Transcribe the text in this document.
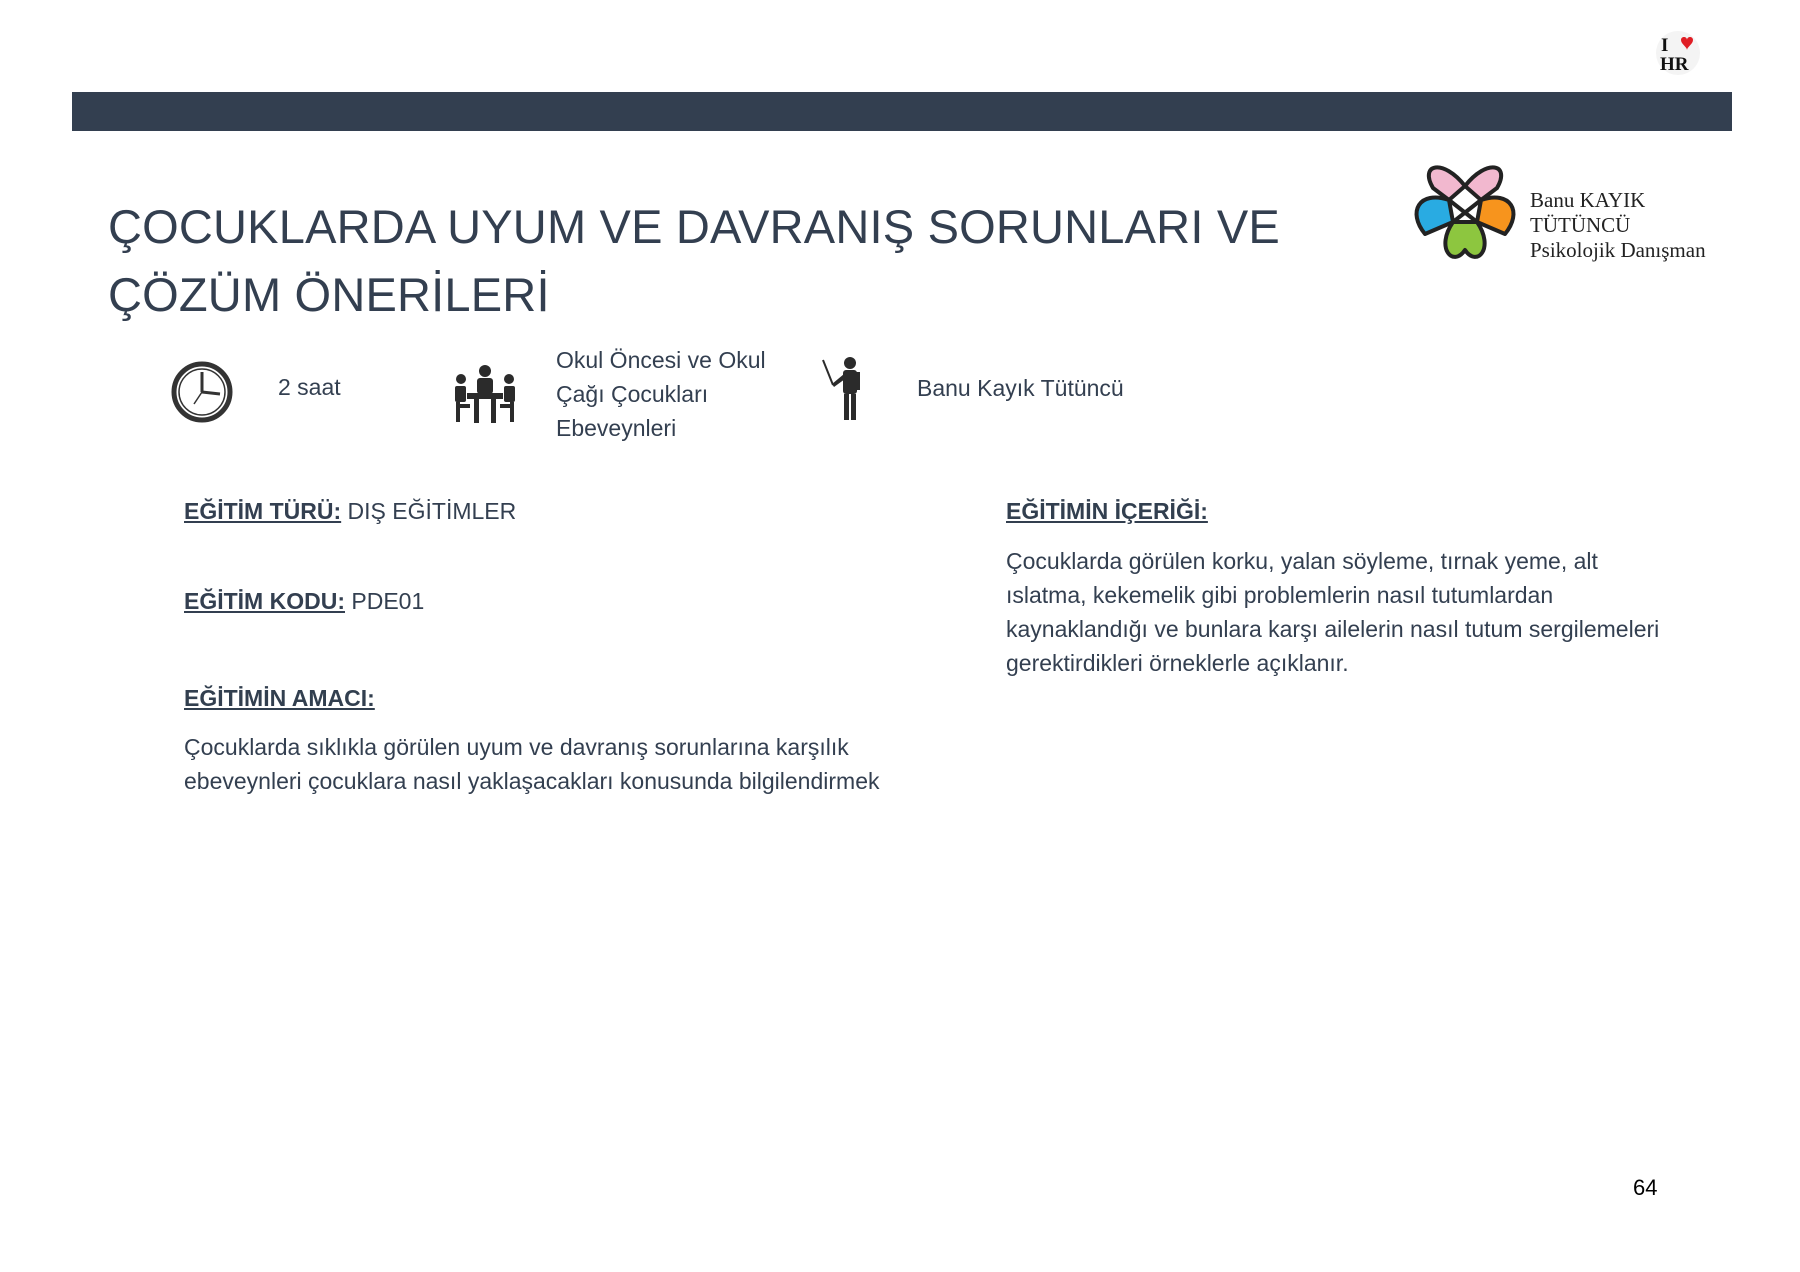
I
HR
ÇOCUKLARDA UYUM VE DAVRANIŞ SORUNLARI VE ÇÖZÜM ÖNERİLERİ
Banu KAYIK
TÜTÜNCÜ
Psikolojik Danışman
2 saat
Okul Öncesi ve Okul
Çağı Çocukları
Ebeveynleri
Banu Kayık Tütüncü

EĞİTİM TÜRÜ: DIŞ EĞİTİMLER

EĞİTİM KODU: PDE01

EĞİTİMİN AMACI:

Çocuklarda sıklıkla görülen uyum ve davranış sorunlarına karşılık

ebeveynleri çocuklara nasıl yaklaşacakları konusunda bilgilendirmek

EĞİTİMİN İÇERİĞİ:

Çocuklarda görülen korku, yalan söyleme, tırnak yeme, alt

ıslatma, kekemelik gibi problemlerin nasıl tutumlardan

kaynaklandığı ve bunlara karşı ailelerin nasıl tutum sergilemeleri

gerektirdikleri örneklerle açıklanır.

64
